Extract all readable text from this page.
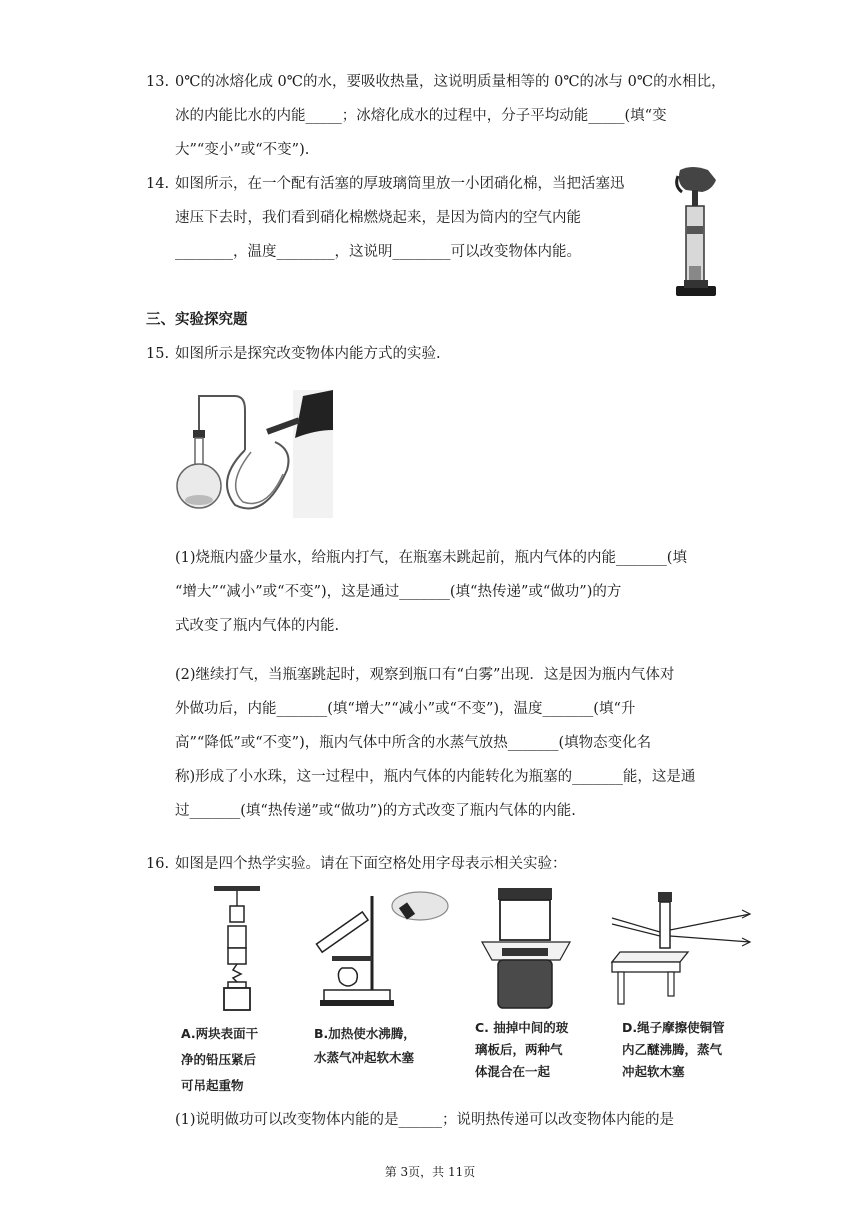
13. 0℃的冰熔化成 0℃的水，要吸收热量，这说明质量相等的 0℃的冰与 0℃的水相比，
冰的内能比水的内能_____；冰熔化成水的过程中，分子平均动能_____(填“变
大”“变小”或“不变”).
14. 如图所示，在一个配有活塞的厚玻璃筒里放一小团硝化棉，当把活塞迅
速压下去时，我们看到硝化棉燃烧起来，是因为筒内的空气内能
________，温度________，这说明________可以改变物体内能。
三、实验探究题
15. 如图所示是探究改变物体内能方式的实验.
(1)烧瓶内盛少量水，给瓶内打气，在瓶塞未跳起前，瓶内气体的内能_______(填
“增大”“减小”或“不变”)，这是通过_______(填“热传递”或“做功”)的方
式改变了瓶内气体的内能.
(2)继续打气，当瓶塞跳起时，观察到瓶口有“白雾”出现．这是因为瓶内气体对
外做功后，内能_______(填“增大”“减小”或“不变”)，温度_______(填“升
高”“降低”或“不变”)，瓶内气体中所含的水蒸气放热_______(填物态变化名
称)形成了小水珠，这一过程中，瓶内气体的内能转化为瓶塞的_______能，这是通
过_______(填“热传递”或“做功”)的方式改变了瓶内气体的内能.
16. 如图是四个热学实验。请在下面空格处用字母表示相关实验：
A.两块表面干
净的铅压紧后
可吊起重物
B.加热使水沸腾，
水蒸气冲起软木塞
C. 抽掉中间的玻
璃板后，两种气
体混合在一起
D.绳子摩擦使铜管
内乙醚沸腾，蒸气
冲起软木塞
(1)说明做功可以改变物体内能的是______；说明热传递可以改变物体内能的是
第 3页，共 11页
